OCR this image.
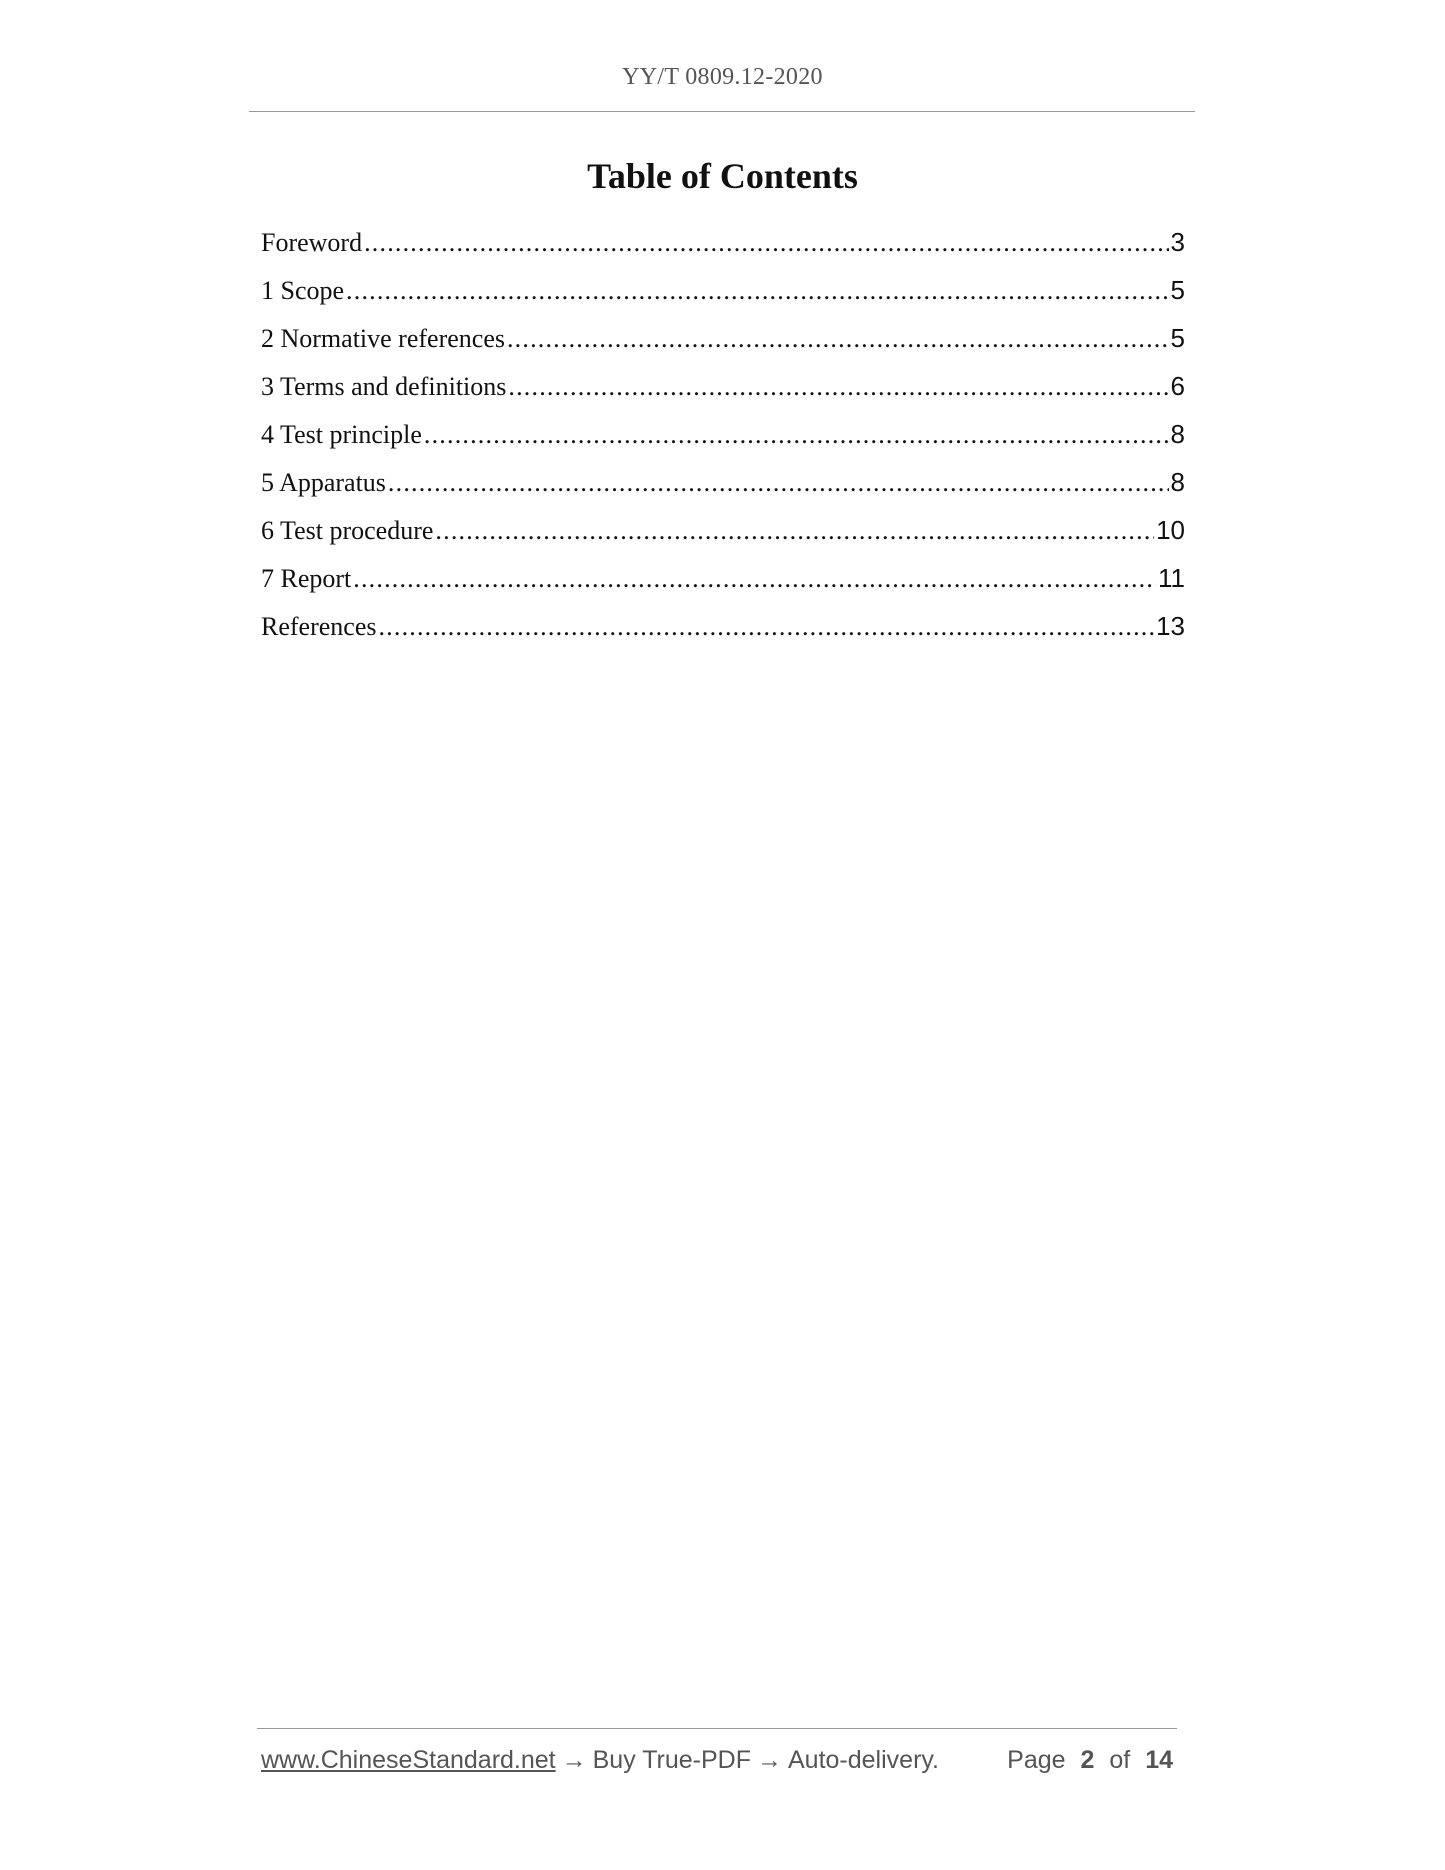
YY/T 0809.12-2020
Table of Contents
Foreword .....	3
1 Scope .....	5
2 Normative references .....	5
3 Terms and definitions .....	6
4 Test principle .....	8
5 Apparatus .....	8
6 Test procedure .....	10
7 Report .....	11
References .....	13
www.ChineseStandard.net → Buy True-PDF → Auto-delivery.	Page 2 of 14
